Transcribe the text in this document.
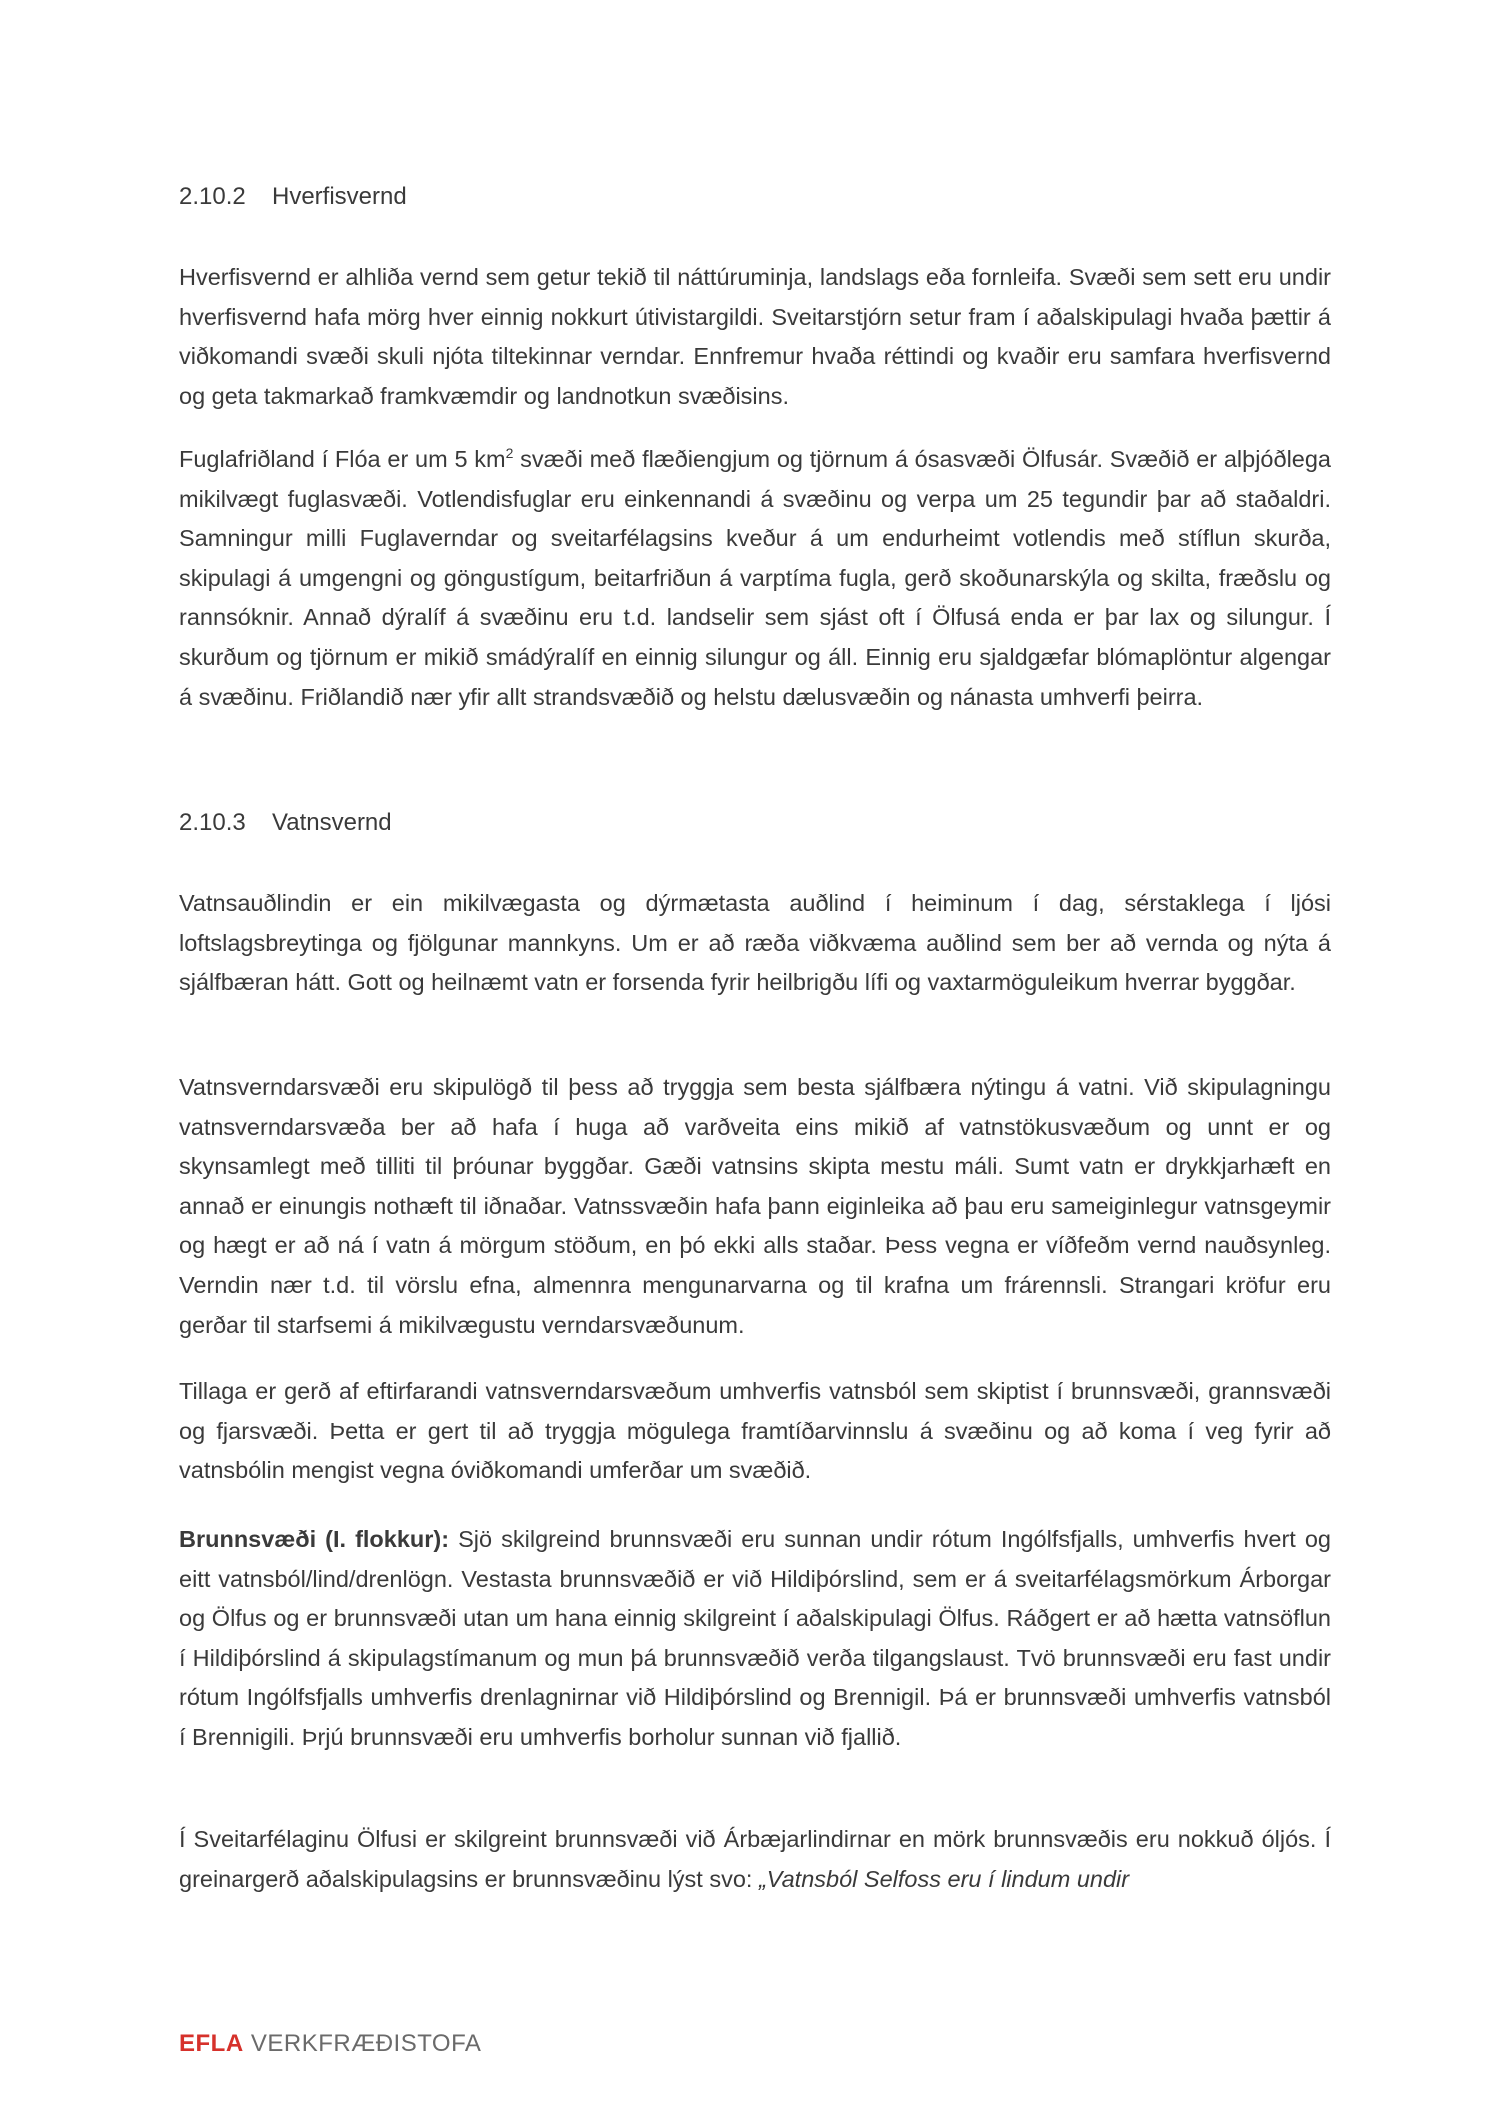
2.10.2 Hverfisvernd

Hverfisvernd er alhliða vernd sem getur tekið til náttúruminja, landslags eða fornleifa. Svæði sem sett eru undir hverfisvernd hafa mörg hver einnig nokkurt útivistargildi. Sveitarstjórn setur fram í aðalskipulagi hvaða þættir á viðkomandi svæði skuli njóta tiltekinnar verndar. Ennfremur hvaða réttindi og kvaðir eru samfara hverfisvernd og geta takmarkað framkvæmdir og landnotkun svæðisins.

Fuglafriðland í Flóa er um 5 $km^2$ svæði með flæðiengjum og tjörnum á ósasvæði Ölfusár. Svæðið er alþjóðlega mikilvægt fuglasvæði. Votlendisfuglar eru einkennandi á svæðinu og verpa um 25 tegundir þar að staðaldri. Samningur milli Fuglaverndar og sveitarfélagsins kveður á um endurheimt votlendis með stíflun skurða, skipulagi á umgengni og göngustígum, beitarfriðun á varptíma fugla, gerð skoðunarskýla og skilta, fræðslu og rannsóknir. Annað dýralíf á svæðinu eru t.d. landselir sem sjást oft í Ölfusá enda er þar lax og silungur. Í skurðum og tjörnum er mikið smádýralíf en einnig silungur og áll. Einnig eru sjaldgæfar blómaplöntur algengar á svæðinu. Friðlandið nær yfir allt strandsvæðið og helstu dælusvæðin og nánasta umhverfi þeirra.

2.10.3 Vatnsvernd

Vatnsauðlindin er ein mikilvægasta og dýrmætasta auðlind í heiminum í dag, sérstaklega í ljósi loftslagsbreytinga og fjölgunar mannkyns. Um er að ræða viðkvæma auðlind sem ber að vernda og nýta á sjálfbæran hátt. Gott og heilnæmt vatn er forsenda fyrir heilbrigðu lífi og vaxtarmöguleikum hverrar byggðar.

Vatnsverndarsvæði eru skipulögð til þess að tryggja sem besta sjálfbæra nýtingu á vatni. Við skipulagningu vatnsverndarsvæða ber að hafa í huga að varðveita eins mikið af vatnstökusvæðum og unnt er og skynsamlegt með tilliti til þróunar byggðar. Gæði vatnsins skipta mestu máli. Sumt vatn er drykkjarhæft en annað er einungis nothæft til iðnaðar. Vatnssvæðin hafa þann eiginleika að þau eru sameiginlegur vatnsgeymir og hægt er að ná í vatn á mörgum stöðum, en þó ekki alls staðar. Þess vegna er víðfeðm vernd nauðsynleg. Verndin nær t.d. til vörslu efna, almennra mengunarvarna og til krafna um frárennsli. Strangari kröfur eru gerðar til starfsemi á mikilvægustu verndarsvæðunum.

Tillaga er gerð af eftirfarandi vatnsverndarsvæðum umhverfis vatnsból sem skiptist í brunnsvæði, grannsvæði og fjarsvæði. Þetta er gert til að tryggja mögulega framtíðarvinnslu á svæðinu og að koma í veg fyrir að vatnsbólin mengist vegna óviðkomandi umferðar um svæðið.

Brunnsvæði (I. flokkur): Sjö skilgreind brunnsvæði eru sunnan undir rótum Ingólfsfjalls, umhverfis hvert og eitt vatnsból/lind/drenlögn. Vestasta brunnsvæðið er við Hildiþórslind, sem er á sveitarfélagsmörkum Árborgar og Ölfus og er brunnsvæði utan um hana einnig skilgreint í aðalskipulagi Ölfus. Ráðgert er að hætta vatnsöflun í Hildiþórslind á skipulagstímanum og mun þá brunnsvæðið verða tilgangslaust. Tvö brunnsvæði eru fast undir rótum Ingólfsfjalls umhverfis drenlagnirnar við Hildiþórslind og Brennigil. Þá er brunnsvæði umhverfis vatnsból í Brennigili. Þrjú brunnsvæði eru umhverfis borholur sunnan við fjallið.

Í Sveitarfélaginu Ölfusi er skilgreint brunnsvæði við Árbæjarlindirnar en mörk brunnsvæðis eru nokkuð óljós. Í greinargerð aðalskipulagsins er brunnsvæðinu lýst svo: „Vatnsból Selfoss eru í lindum undir

EFLA VERKFRÆÐISTOFA
